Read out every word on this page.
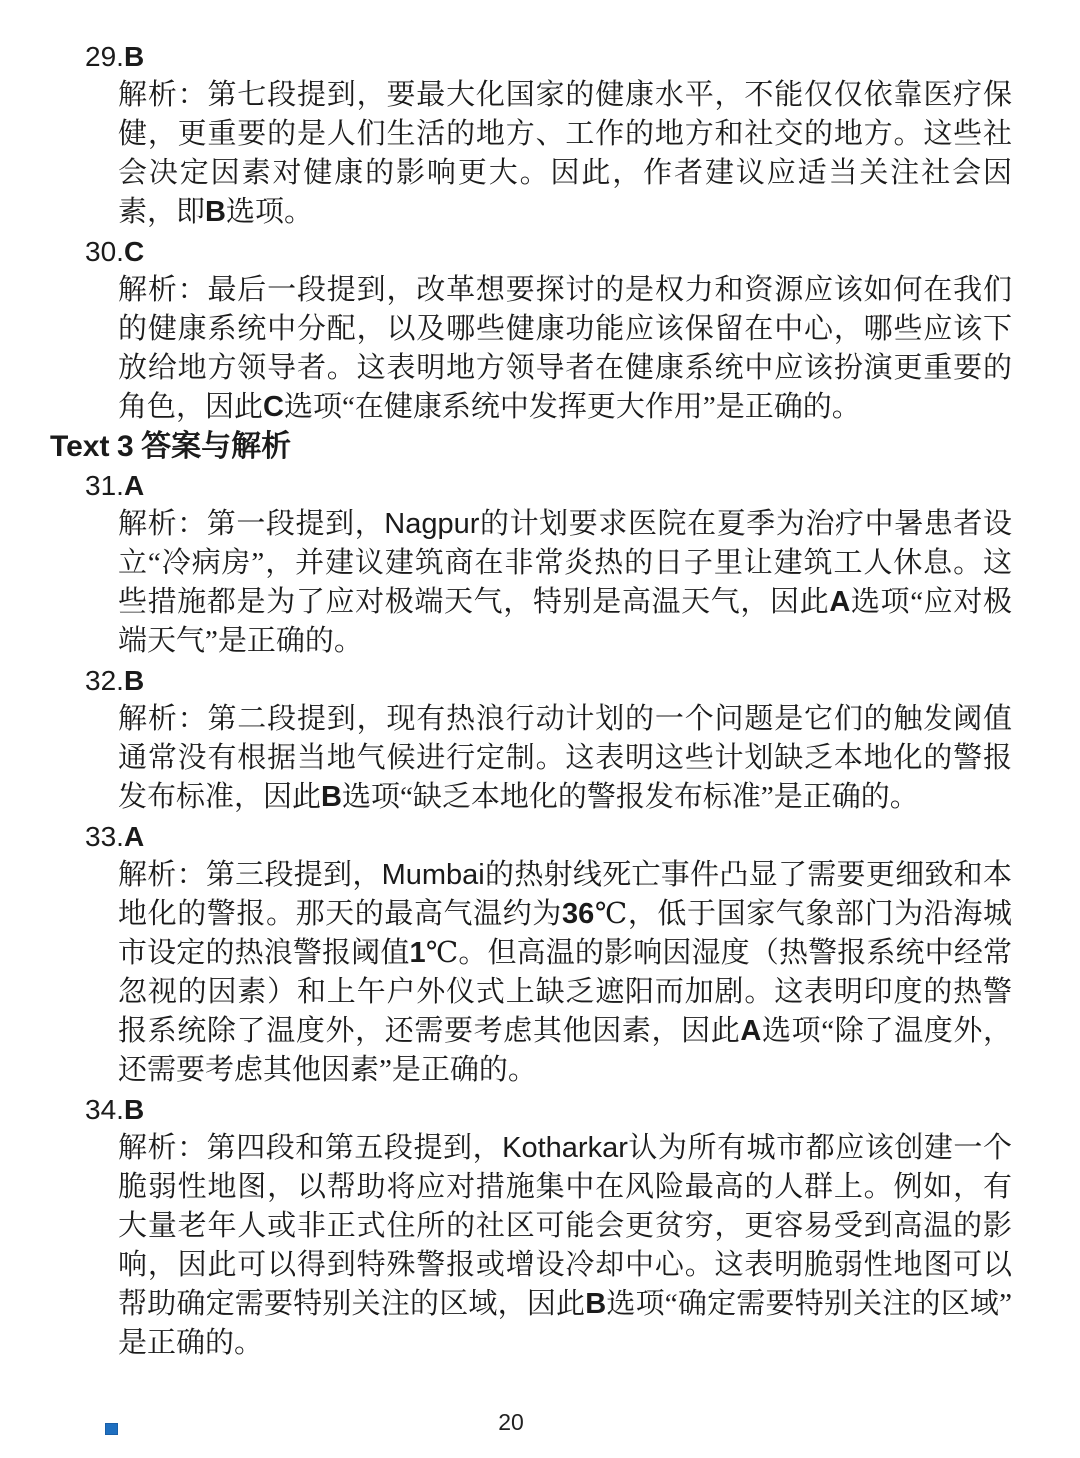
29.B

解析：第七段提到，要最大化国家的健康水平，不能仅仅依靠医疗保健，更重要的是人们生活的地方、工作的地方和社交的地方。这些社会决定因素对健康的影响更大。因此，作者建议应适当关注社会因素，即B选项。

30.C

解析：最后一段提到，改革想要探讨的是权力和资源应该如何在我们的健康系统中分配，以及哪些健康功能应该保留在中心，哪些应该下放给地方领导者。这表明地方领导者在健康系统中应该扮演更重要的角色，因此C选项“在健康系统中发挥更大作用”是正确的。

Text 3 答案与解析
31.A

解析：第一段提到，Nagpur的计划要求医院在夏季为治疗中暑患者设立“冷病房”，并建议建筑商在非常炎热的日子里让建筑工人休息。这些措施都是为了应对极端天气，特别是高温天气，因此A选项“应对极端天气”是正确的。

32.B

解析：第二段提到，现有热浪行动计划的一个问题是它们的触发阈值通常没有根据当地气候进行定制。这表明这些计划缺乏本地化的警报发布标准，因此B选项“缺乏本地化的警报发布标准”是正确的。

33.A

解析：第三段提到，Mumbai的热射线死亡事件凸显了需要更细致和本地化的警报。那天的最高气温约为36℃，低于国家气象部门为沿海城市设定的热浪警报阈值1℃。但高温的影响因湿度（热警报系统中经常忽视的因素）和上午户外仪式上缺乏遮阳而加剧。这表明印度的热警报系统除了温度外，还需要考虑其他因素，因此A选项“除了温度外，还需要考虑其他因素”是正确的。

34.B

解析：第四段和第五段提到，Kotharkar认为所有城市都应该创建一个脆弱性地图，以帮助将应对措施集中在风险最高的人群上。例如，有大量老年人或非正式住所的社区可能会更贫穷，更容易受到高温的影响，因此可以得到特殊警报或增设冷却中心。这表明脆弱性地图可以帮助确定需要特别关注的区域，因此B选项“确定需要特别关注的区域”是正确的。

20
